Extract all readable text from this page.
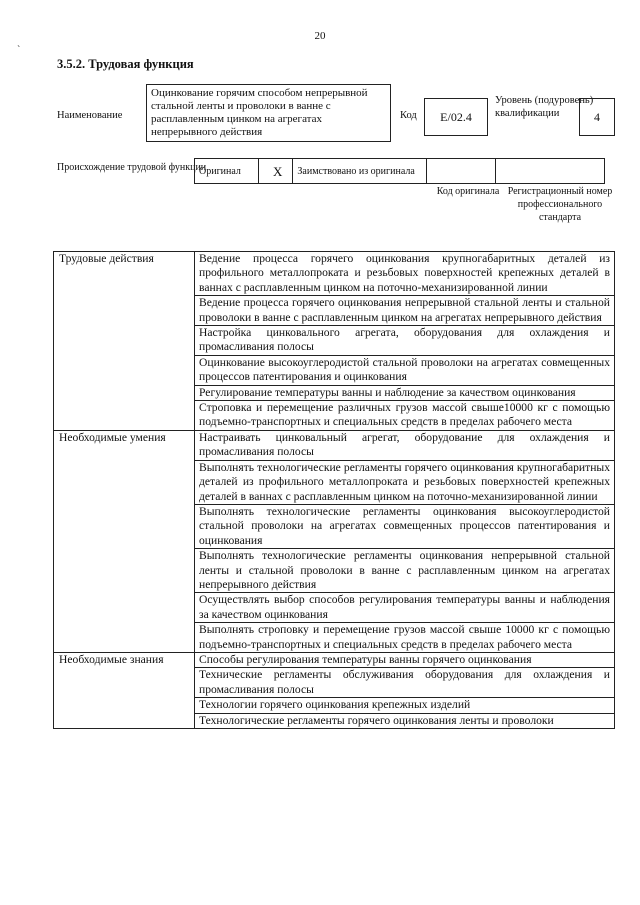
20
`
3.5.2. Трудовая функция
Наименование
Оцинкование горячим способом непрерывной стальной ленты и проволоки в ванне с расплавленным цинком на агрегатах непрерывного действия
Код	E/02.4
Уровень (подуровень) квалификации	4
Происхождение трудовой функции
Оригинал	X	Заимствовано из оригинала		
Код оригинала Регистрационный номер профессионального стандарта
Трудовые действия	Ведение процесса горячего оцинкования крупногабаритных деталей из профильного металлопроката и резьбовых поверхностей крепежных деталей в ваннах с расплавленным цинком на поточно-механизированной линии
	Ведение процесса горячего оцинкования непрерывной стальной ленты и стальной проволоки в ванне с расплавленным цинком на агрегатах непрерывного действия
	Настройка цинковального агрегата, оборудования для охлаждения и промасливания полосы
	Оцинкование высокоуглеродистой стальной проволоки на агрегатах совмещенных процессов патентирования и оцинкования
	Регулирование температуры ванны и наблюдение за качеством оцинкования
	Строповка и перемещение различных грузов массой свыше10000 кг с помощью подъемно-транспортных и специальных средств в пределах рабочего места
Необходимые умения	Настраивать цинковальный агрегат, оборудование для охлаждения и промасливания полосы
	Выполнять технологические регламенты горячего оцинкования крупногабаритных деталей из профильного металлопроката и резьбовых поверхностей крепежных деталей в ваннах с расплавленным цинком на поточно-механизированной линии
	Выполнять технологические регламенты оцинкования высокоуглеродистой стальной проволоки на агрегатах совмещенных процессов патентирования и оцинкования
	Выполнять технологические регламенты оцинкования непрерывной стальной ленты и стальной проволоки в ванне с расплавленным цинком на агрегатах непрерывного действия
	Осуществлять выбор способов регулирования температуры ванны и наблюдения за качеством оцинкования
	Выполнять строповку и перемещение грузов массой свыше 10000 кг с помощью подъемно-транспортных и специальных средств в пределах рабочего места
Необходимые знания	Способы регулирования температуры ванны горячего оцинкования
	Технические регламенты обслуживания оборудования для охлаждения и промасливания полосы
	Технологии горячего оцинкования крепежных изделий
	Технологические регламенты горячего оцинкования ленты и проволоки
